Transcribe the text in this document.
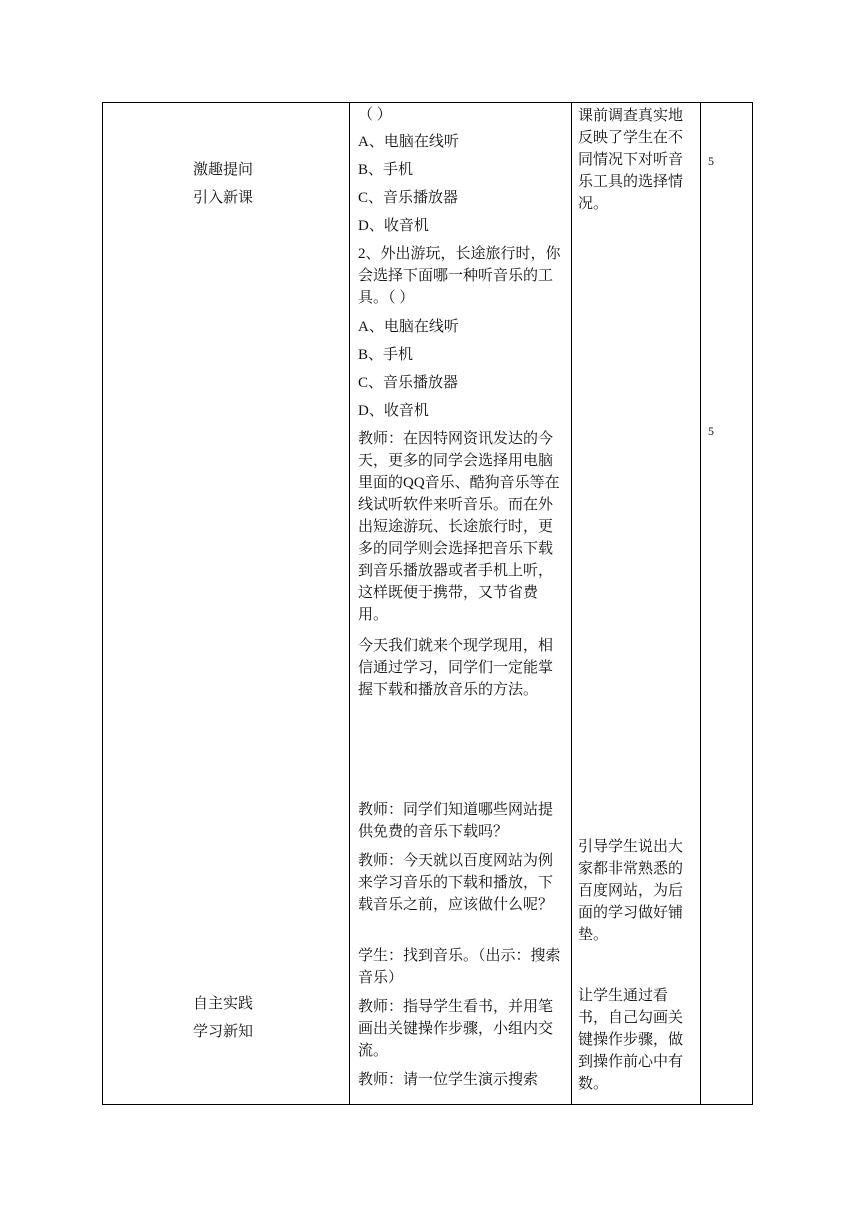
激趣提问
引入新课
自主实践
学习新知
（ ）
A、电脑在线听
B、手机
C、音乐播放器
D、收音机
2、外出游玩，长途旅行时，你会选择下面哪一种听音乐的工具。（ ）
A、电脑在线听
B、手机
C、音乐播放器
D、收音机
教师：在因特网资讯发达的今天，更多的同学会选择用电脑里面的QQ音乐、酷狗音乐等在线试听软件来听音乐。而在外出短途游玩、长途旅行时，更多的同学则会选择把音乐下载到音乐播放器或者手机上听，这样既便于携带，又节省费用。
今天我们就来个现学现用，相信通过学习，同学们一定能掌握下载和播放音乐的方法。
教师：同学们知道哪些网站提供免费的音乐下载吗？
教师：今天就以百度网站为例来学习音乐的下载和播放，下载音乐之前，应该做什么呢？
学生：找到音乐。（出示：搜索音乐）
教师：指导学生看书，并用笔画出关键操作步骤，小组内交流。
教师：请一位学生演示搜索
课前调查真实地反映了学生在不同情况下对听音乐工具的选择情况。
引导学生说出大家都非常熟悉的百度网站，为后面的学习做好铺垫。
让学生通过看书，自己勾画关键操作步骤，做到操作前心中有数。
5
5
